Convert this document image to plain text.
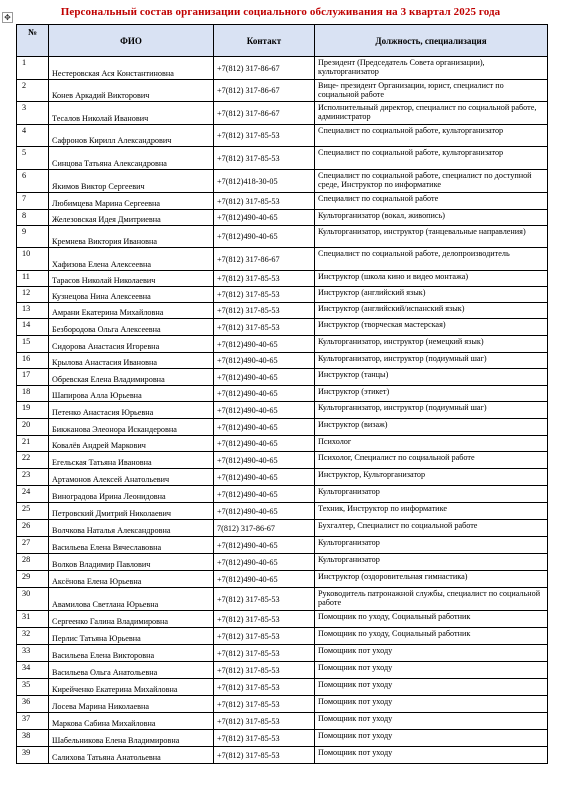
✥	Персональный состав организации социального обслуживания на 3 квартал 2025 года
№	ФИО	Контакт	Должность, специализация
1	Нестеровская Ася Константиновна	+7(812) 317-86-67	Президент (Председатель Совета организации), культорганизатор
2	Конев Аркадий Викторович	+7(812) 317-86-67	Вице- президент Организации, юрист, специалист по социальной работе
3	Тесалов Николай Иванович	+7(812) 317-86-67	Исполнительный директор, специалист по социальной работе, администратор
4	Сафронов Кирилл Александрович	+7(812) 317-85-53	Специалист по социальной работе, культорганизатор
5	Синцова Татьяна Александровна	+7(812) 317-85-53	Специалист по социальной работе, культорганизатор
6	Якимов Виктор Сергеевич	+7(812)418-30-05	Специалист по социальной работе, специалист по доступной среде, Инструктор по информатике
7	Любимцева Марина Сергеевна	+7(812) 317-85-53	Специалист по социальной работе
8	Железовская Идея Дмитриевна	+7(812)490-40-65	Культорганизатор (вокал, живопись)
9	Кремнева Виктория Ивановна	+7(812)490-40-65	Культорганизатор, инструктор (танцевальные направления)
10	Хафизова Елена Алексеевна	+7(812) 317-86-67	Специалист по социальной работе, делопроизводитель
11	Тарасов Николай Николаевич	+7(812) 317-85-53	Инструктор (школа кино и видео монтажа)
12	Кузнецова Нина Алексеевна	+7(812) 317-85-53	Инструктор (английский язык)
13	Амрани Екатерина Михайловна	+7(812) 317-85-53	Инструктор (английский/испанский язык)
14	Безбородова Ольга Алексеевна	+7(812) 317-85-53	Инструктор (творческая мастерская)
15	Сидорова Анастасия Игоревна	+7(812)490-40-65	Культорганизатор, инструктор (немецкий язык)
16	Крылова Анастасия Ивановна	+7(812)490-40-65	Культорганизатор, инструктор (подиумный шаг)
17	Обревская Елена Владимировна	+7(812)490-40-65	Инструктор (танцы)
18	Шапирова Алла Юрьевна	+7(812)490-40-65	Инструктор (этикет)
19	Петенко Анастасия Юрьевна	+7(812)490-40-65	Культорганизатор, инструктор (подиумный шаг)
20	Бикжанова Элеонора Искандеровна	+7(812)490-40-65	Инструктор (визаж)
21	Ковалёв Андрей Маркович	+7(812)490-40-65	Психолог
22	Егельская Татьяна Ивановна	+7(812)490-40-65	Психолог, Специалист по социальной работе
23	Артамонов Алексей Анатольевич	+7(812)490-40-65	Инструктор, Культорганизатор
24	Виноградова Ирина Леонидовна	+7(812)490-40-65	Культорганизатор
25	Петровский Дмитрий Николаевич	+7(812)490-40-65	Техник, Инструктор по информатике
26	Волчкова Наталья Александровна	7(812) 317-86-67	Бухгалтер, Специалист по социальной работе
27	Васильева Елена Вячеславовна	+7(812)490-40-65	Культорганизатор
28	Волков Владимир Павлович	+7(812)490-40-65	Культорганизатор
29	Аксёнова Елена Юрьевна	+7(812)490-40-65	Инструктор (оздоровительная гимнастика)
30	Авамилова Светлана Юрьевна	+7(812) 317-85-53	Руководитель патронажной службы, специалист по социальной работе
31	Сергеенко Галина Владимировна	+7(812) 317-85-53	Помощник по уходу, Социальный работник
32	Перлис Татьяна Юрьевна	+7(812) 317-85-53	Помощник по уходу, Социальный работник
33	Васильева Елена Викторовна	+7(812) 317-85-53	Помощник пот уходу
34	Васильева Ольга Анатольевна	+7(812) 317-85-53	Помощник пот уходу
35	Кирейченко Екатерина Михайловна	+7(812) 317-85-53	Помощник пот уходу
36	Лосева Марина Николаевна	+7(812) 317-85-53	Помощник пот уходу
37	Маркова Сабина Михайловна	+7(812) 317-85-53	Помощник пот уходу
38	Шабельникова Елена Владимировна	+7(812) 317-85-53	Помощник пот уходу
39	Салихова Татьяна Анатольевна	+7(812) 317-85-53	Помощник пот уходу
